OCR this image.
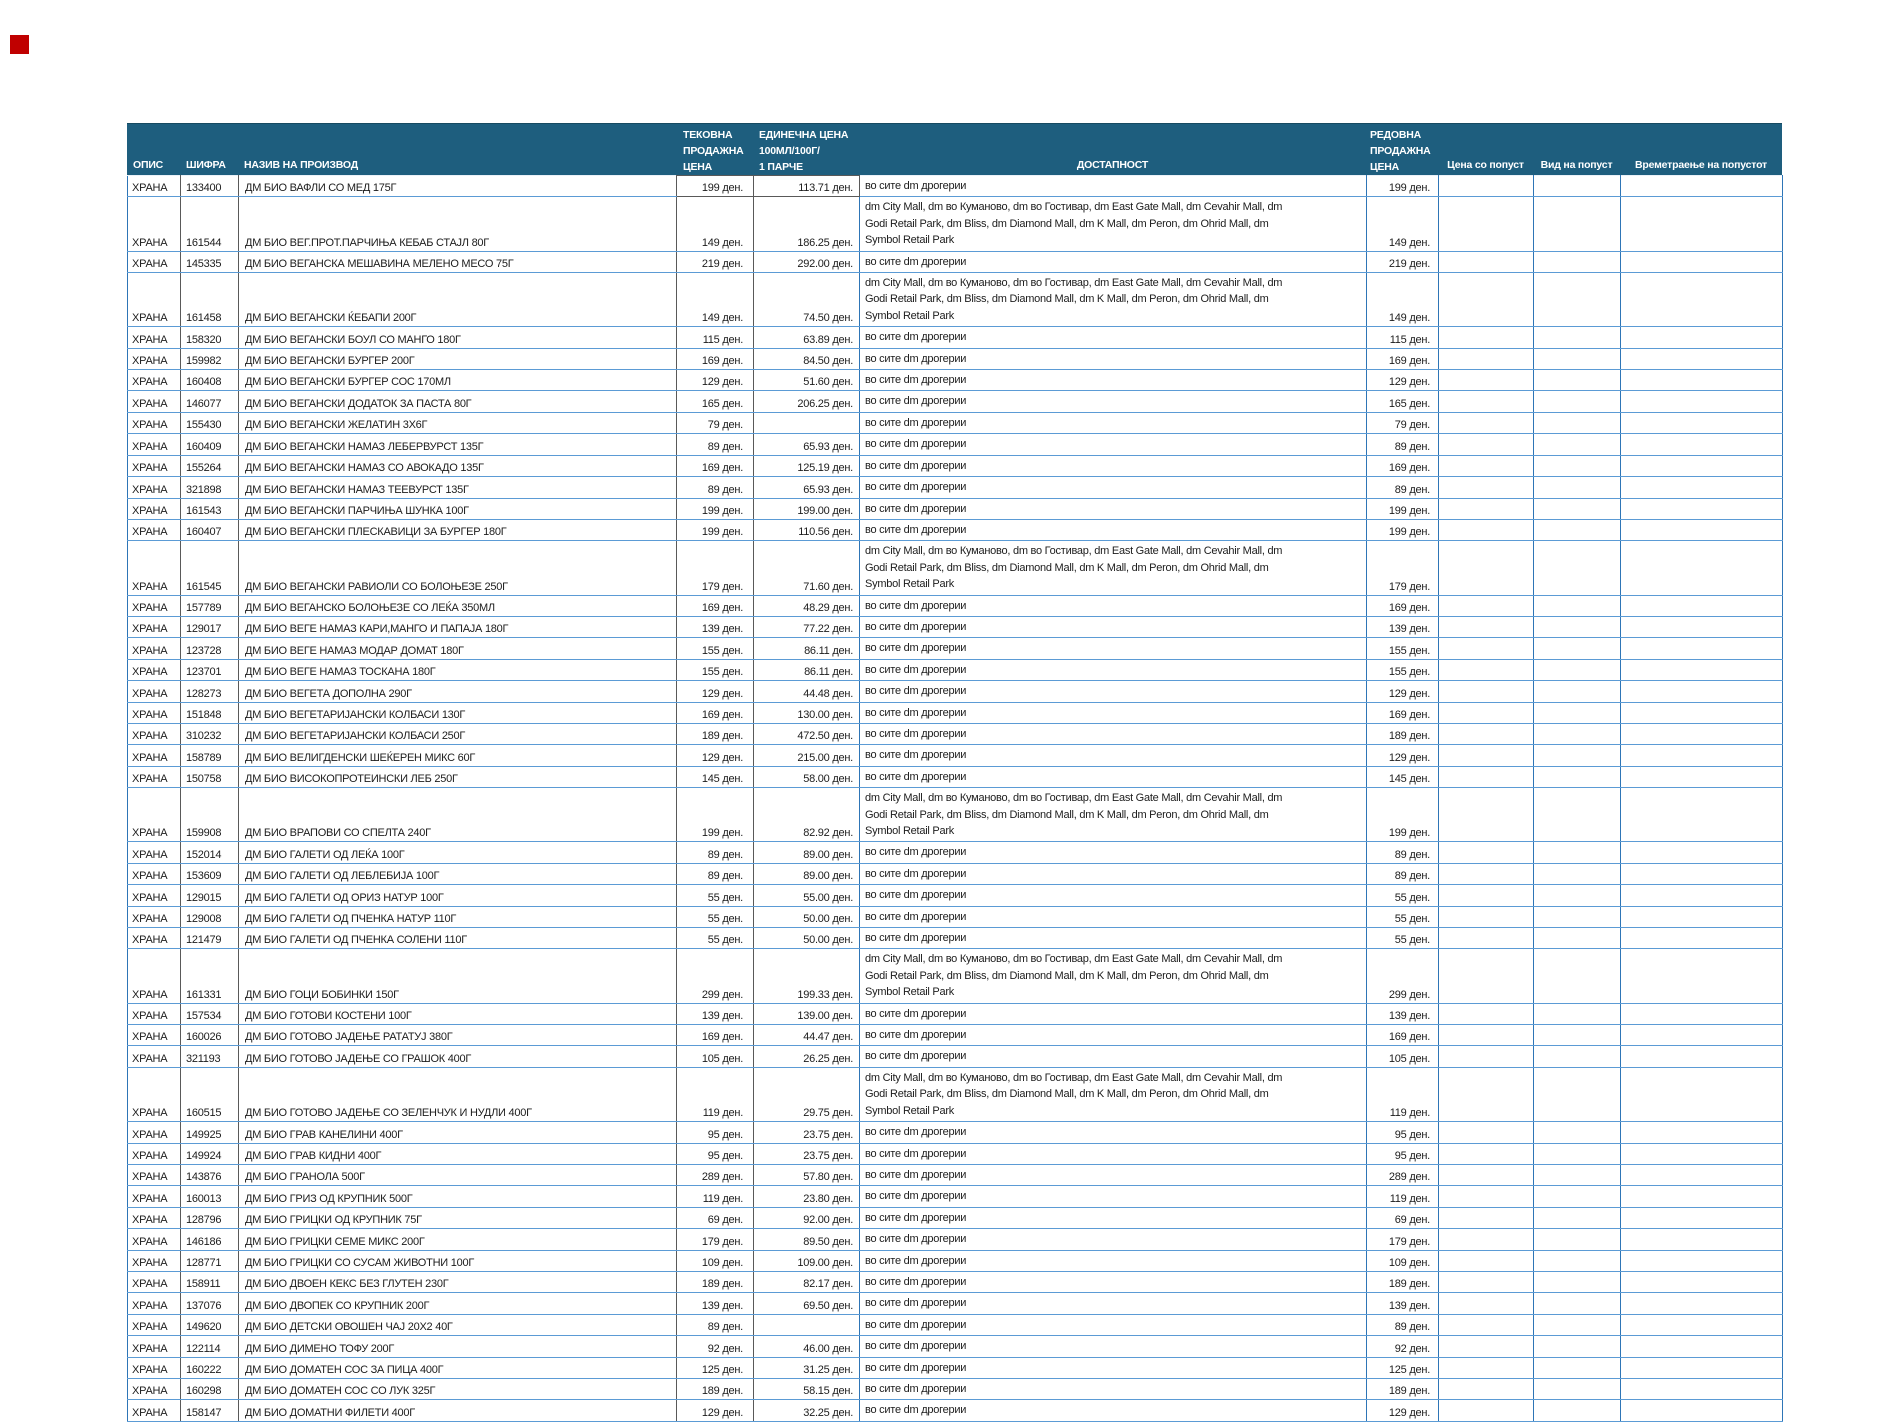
ОПИС ШИФРА НАЗИВ НА ПРОИЗВОД
ТЕКОВНА
ПРОДАЖНА
ЦЕНА
ЕДИНЕЧНА ЦЕНА
100МЛ/100Г/
1 ПАРЧЕ	ДОСТАПНОСТ
РЕДОВНА
ПРОДАЖНА
ЦЕНА	Цена со попуст	Вид на попуст	Времетраење на попустот
ХРАНА	133400	ДМ БИО ВАФЛИ СО МЕД 175Г	199 ден.	113.71 ден.	во сите dm дрогерии	199 ден.			
ХРАНА	161544	ДМ БИО ВЕГ.ПРОТ.ПАРЧИЊА КЕБАБ СТАЈЛ 80Г	149 ден.	186.25 ден.	dm City Mall, dm во Куманово, dm во Гостивар, dm East Gate Mall, dm Cevahir Mall, dm
Godi Retail Park, dm Bliss, dm Diamond Mall, dm K Mall, dm Peron, dm Ohrid Mall, dm
Symbol Retail Park	149 ден.			
ХРАНА	145335	ДМ БИО ВЕГАНСКА МЕШАВИНА МЕЛЕНО МЕСО 75Г	219 ден.	292.00 ден.	во сите dm дрогерии	219 ден.			
ХРАНА	161458	ДМ БИО ВЕГАНСКИ ЌЕБАПИ 200Г	149 ден.	74.50 ден.	dm City Mall, dm во Куманово, dm во Гостивар, dm East Gate Mall, dm Cevahir Mall, dm
Godi Retail Park, dm Bliss, dm Diamond Mall, dm K Mall, dm Peron, dm Ohrid Mall, dm
Symbol Retail Park	149 ден.			
ХРАНА	158320	ДМ БИО ВЕГАНСКИ БОУЛ СО МАНГО 180Г	115 ден.	63.89 ден.	во сите dm дрогерии	115 ден.			
ХРАНА	159982	ДМ БИО ВЕГАНСКИ БУРГЕР 200Г	169 ден.	84.50 ден.	во сите dm дрогерии	169 ден.			
ХРАНА	160408	ДМ БИО ВЕГАНСКИ БУРГЕР СОС 170МЛ	129 ден.	51.60 ден.	во сите dm дрогерии	129 ден.			
ХРАНА	146077	ДМ БИО ВЕГАНСКИ ДОДАТОК ЗА ПАСТА 80Г	165 ден.	206.25 ден.	во сите dm дрогерии	165 ден.			
ХРАНА	155430	ДМ БИО ВЕГАНСКИ ЖЕЛАТИН 3Х6Г	79 ден.		во сите dm дрогерии	79 ден.			
ХРАНА	160409	ДМ БИО ВЕГАНСКИ НАМАЗ ЛЕБЕРВУРСТ 135Г	89 ден.	65.93 ден.	во сите dm дрогерии	89 ден.			
ХРАНА	155264	ДМ БИО ВЕГАНСКИ НАМАЗ СО АВОКАДО 135Г	169 ден.	125.19 ден.	во сите dm дрогерии	169 ден.			
ХРАНА	321898	ДМ БИО ВЕГАНСКИ НАМАЗ ТЕЕВУРСТ 135Г	89 ден.	65.93 ден.	во сите dm дрогерии	89 ден.			
ХРАНА	161543	ДМ БИО ВЕГАНСКИ ПАРЧИЊА ШУНКА 100Г	199 ден.	199.00 ден.	во сите dm дрогерии	199 ден.			
ХРАНА	160407	ДМ БИО ВЕГАНСКИ ПЛЕСКАВИЦИ ЗА БУРГЕР 180Г	199 ден.	110.56 ден.	во сите dm дрогерии	199 ден.			
ХРАНА	161545	ДМ БИО ВЕГАНСКИ РАВИОЛИ СО БОЛОЊЕЗЕ 250Г	179 ден.	71.60 ден.	dm City Mall, dm во Куманово, dm во Гостивар, dm East Gate Mall, dm Cevahir Mall, dm
Godi Retail Park, dm Bliss, dm Diamond Mall, dm K Mall, dm Peron, dm Ohrid Mall, dm
Symbol Retail Park	179 ден.			
ХРАНА	157789	ДМ БИО ВЕГАНСКО БОЛОЊЕЗЕ СО ЛЕЌА 350МЛ	169 ден.	48.29 ден.	во сите dm дрогерии	169 ден.			
ХРАНА	129017	ДМ БИО ВЕГЕ НАМАЗ КАРИ,МАНГО И ПАПАЈА 180Г	139 ден.	77.22 ден.	во сите dm дрогерии	139 ден.			
ХРАНА	123728	ДМ БИО ВЕГЕ НАМАЗ МОДАР ДОМАТ 180Г	155 ден.	86.11 ден.	во сите dm дрогерии	155 ден.			
ХРАНА	123701	ДМ БИО ВЕГЕ НАМАЗ ТОСКАНА 180Г	155 ден.	86.11 ден.	во сите dm дрогерии	155 ден.			
ХРАНА	128273	ДМ БИО ВЕГЕТА ДОПОЛНА 290Г	129 ден.	44.48 ден.	во сите dm дрогерии	129 ден.			
ХРАНА	151848	ДМ БИО ВЕГЕТАРИЈАНСКИ КОЛБАСИ 130Г	169 ден.	130.00 ден.	во сите dm дрогерии	169 ден.			
ХРАНА	310232	ДМ БИО ВЕГЕТАРИЈАНСКИ КОЛБАСИ 250Г	189 ден.	472.50 ден.	во сите dm дрогерии	189 ден.			
ХРАНА	158789	ДМ БИО ВЕЛИГДЕНСКИ ШЕЌЕРЕН МИКС 60Г	129 ден.	215.00 ден.	во сите dm дрогерии	129 ден.			
ХРАНА	150758	ДМ БИО ВИСОКОПРОТЕИНСКИ ЛЕБ 250Г	145 ден.	58.00 ден.	во сите dm дрогерии	145 ден.			
ХРАНА	159908	ДМ БИО ВРАПОВИ СО СПЕЛТА 240Г	199 ден.	82.92 ден.	dm City Mall, dm во Куманово, dm во Гостивар, dm East Gate Mall, dm Cevahir Mall, dm
Godi Retail Park, dm Bliss, dm Diamond Mall, dm K Mall, dm Peron, dm Ohrid Mall, dm
Symbol Retail Park	199 ден.			
ХРАНА	152014	ДМ БИО ГАЛЕТИ ОД ЛЕЌА 100Г	89 ден.	89.00 ден.	во сите dm дрогерии	89 ден.			
ХРАНА	153609	ДМ БИО ГАЛЕТИ ОД ЛЕБЛЕБИЈА 100Г	89 ден.	89.00 ден.	во сите dm дрогерии	89 ден.			
ХРАНА	129015	ДМ БИО ГАЛЕТИ ОД ОРИЗ НАТУР 100Г	55 ден.	55.00 ден.	во сите dm дрогерии	55 ден.			
ХРАНА	129008	ДМ БИО ГАЛЕТИ ОД ПЧЕНКА НАТУР 110Г	55 ден.	50.00 ден.	во сите dm дрогерии	55 ден.			
ХРАНА	121479	ДМ БИО ГАЛЕТИ ОД ПЧЕНКА СОЛЕНИ 110Г	55 ден.	50.00 ден.	во сите dm дрогерии	55 ден.			
ХРАНА	161331	ДМ БИО ГОЦИ БОБИНКИ 150Г	299 ден.	199.33 ден.	dm City Mall, dm во Куманово, dm во Гостивар, dm East Gate Mall, dm Cevahir Mall, dm
Godi Retail Park, dm Bliss, dm Diamond Mall, dm K Mall, dm Peron, dm Ohrid Mall, dm
Symbol Retail Park	299 ден.			
ХРАНА	157534	ДМ БИО ГОТОВИ КОСТЕНИ 100Г	139 ден.	139.00 ден.	во сите dm дрогерии	139 ден.			
ХРАНА	160026	ДМ БИО ГОТОВО ЈАДЕЊЕ РАТАТУЈ 380Г	169 ден.	44.47 ден.	во сите dm дрогерии	169 ден.			
ХРАНА	321193	ДМ БИО ГОТОВО ЈАДЕЊЕ СО ГРАШОК 400Г	105 ден.	26.25 ден.	во сите dm дрогерии	105 ден.			
ХРАНА	160515	ДМ БИО ГОТОВО ЈАДЕЊЕ СО ЗЕЛЕНЧУК И НУДЛИ 400Г	119 ден.	29.75 ден.	dm City Mall, dm во Куманово, dm во Гостивар, dm East Gate Mall, dm Cevahir Mall, dm
Godi Retail Park, dm Bliss, dm Diamond Mall, dm K Mall, dm Peron, dm Ohrid Mall, dm
Symbol Retail Park	119 ден.			
ХРАНА	149925	ДМ БИО ГРАВ КАНЕЛИНИ 400Г	95 ден.	23.75 ден.	во сите dm дрогерии	95 ден.			
ХРАНА	149924	ДМ БИО ГРАВ КИДНИ 400Г	95 ден.	23.75 ден.	во сите dm дрогерии	95 ден.			
ХРАНА	143876	ДМ БИО ГРАНОЛА 500Г	289 ден.	57.80 ден.	во сите dm дрогерии	289 ден.			
ХРАНА	160013	ДМ БИО ГРИЗ ОД КРУПНИК 500Г	119 ден.	23.80 ден.	во сите dm дрогерии	119 ден.			
ХРАНА	128796	ДМ БИО ГРИЦКИ ОД КРУПНИК 75Г	69 ден.	92.00 ден.	во сите dm дрогерии	69 ден.			
ХРАНА	146186	ДМ БИО ГРИЦКИ СЕМЕ МИКС 200Г	179 ден.	89.50 ден.	во сите dm дрогерии	179 ден.			
ХРАНА	128771	ДМ БИО ГРИЦКИ СО СУСАМ ЖИВОТНИ 100Г	109 ден.	109.00 ден.	во сите dm дрогерии	109 ден.			
ХРАНА	158911	ДМ БИО ДВОЕН КЕКС БЕЗ ГЛУТЕН 230Г	189 ден.	82.17 ден.	во сите dm дрогерии	189 ден.			
ХРАНА	137076	ДМ БИО ДВОПЕК СО КРУПНИК 200Г	139 ден.	69.50 ден.	во сите dm дрогерии	139 ден.			
ХРАНА	149620	ДМ БИО ДЕТСКИ ОВОШЕН ЧАЈ 20Х2 40Г	89 ден.		во сите dm дрогерии	89 ден.			
ХРАНА	122114	ДМ БИО ДИМЕНО ТОФУ 200Г	92 ден.	46.00 ден.	во сите dm дрогерии	92 ден.			
ХРАНА	160222	ДМ БИО ДОМАТЕН СОС ЗА ПИЦА 400Г	125 ден.	31.25 ден.	во сите dm дрогерии	125 ден.			
ХРАНА	160298	ДМ БИО ДОМАТЕН СОС СО ЛУК 325Г	189 ден.	58.15 ден.	во сите dm дрогерии	189 ден.			
ХРАНА	158147	ДМ БИО ДОМАТНИ ФИЛЕТИ 400Г	129 ден.	32.25 ден.	во сите dm дрогерии	129 ден.			
